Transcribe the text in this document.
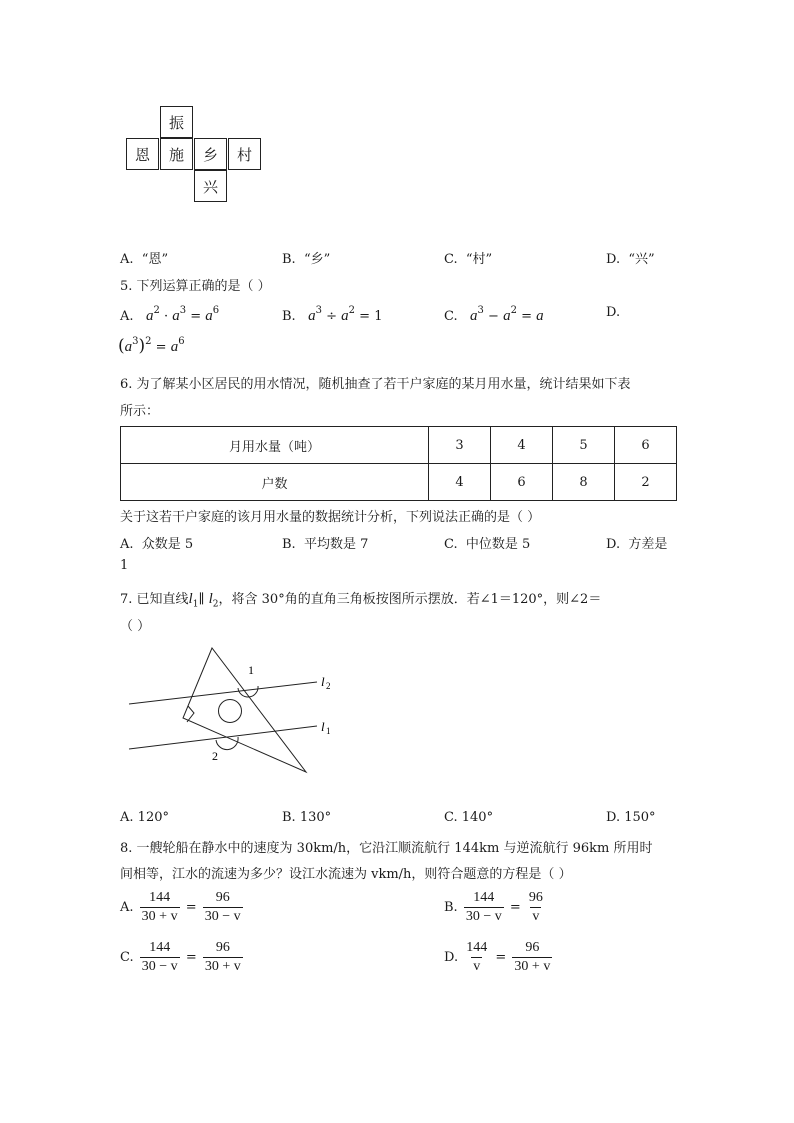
振
恩	施	乡	村
兴
A. “恩”	B. “乡”	C. “村”	D. “兴”
5. 下列运算正确的是（ ）
A. $a^2 \cdot a^3 = a^6$	B. $a^3 \div a^2 = 1$	C. $a^3 - a^2 = a$	D.
$(a^3)^2 = a^6$
6. 为了解某小区居民的用水情况，随机抽查了若干户家庭的某月用水量，统计结果如下表
所示：
月用水量（吨）	3	4	5	6
户数	4	6	8	2
关于这若干户家庭的该月用水量的数据统计分析，下列说法正确的是（ ）
A. 众数是 5	B. 平均数是 7	C. 中位数是 5	D. 方差是
1
7. 已知直线$l_1\parallel$ $l_2$，将含 30°角的直角三角板按图所示摆放．若∠1＝120°，则∠2＝
（ ）
1
2
l 2
l 1
A. 120°	B. 130°	C. 140°	D. 150°
8. 一艘轮船在静水中的速度为 30km/h，它沿江顺流航行 144km 与逆流航行 96km 所用时
间相等，江水的流速为多少？设江水流速为 vkm/h，则符合题意的方程是（ ）
A. $\frac{144}{30 + v} = \frac{96}{30 - v}$	B. $\frac{144}{30 - v} = \frac{96}{v}$
C. $\frac{144}{30 - v} = \frac{96}{30 + v}$	D. $\frac{144}{v} = \frac{96}{30 + v}$
